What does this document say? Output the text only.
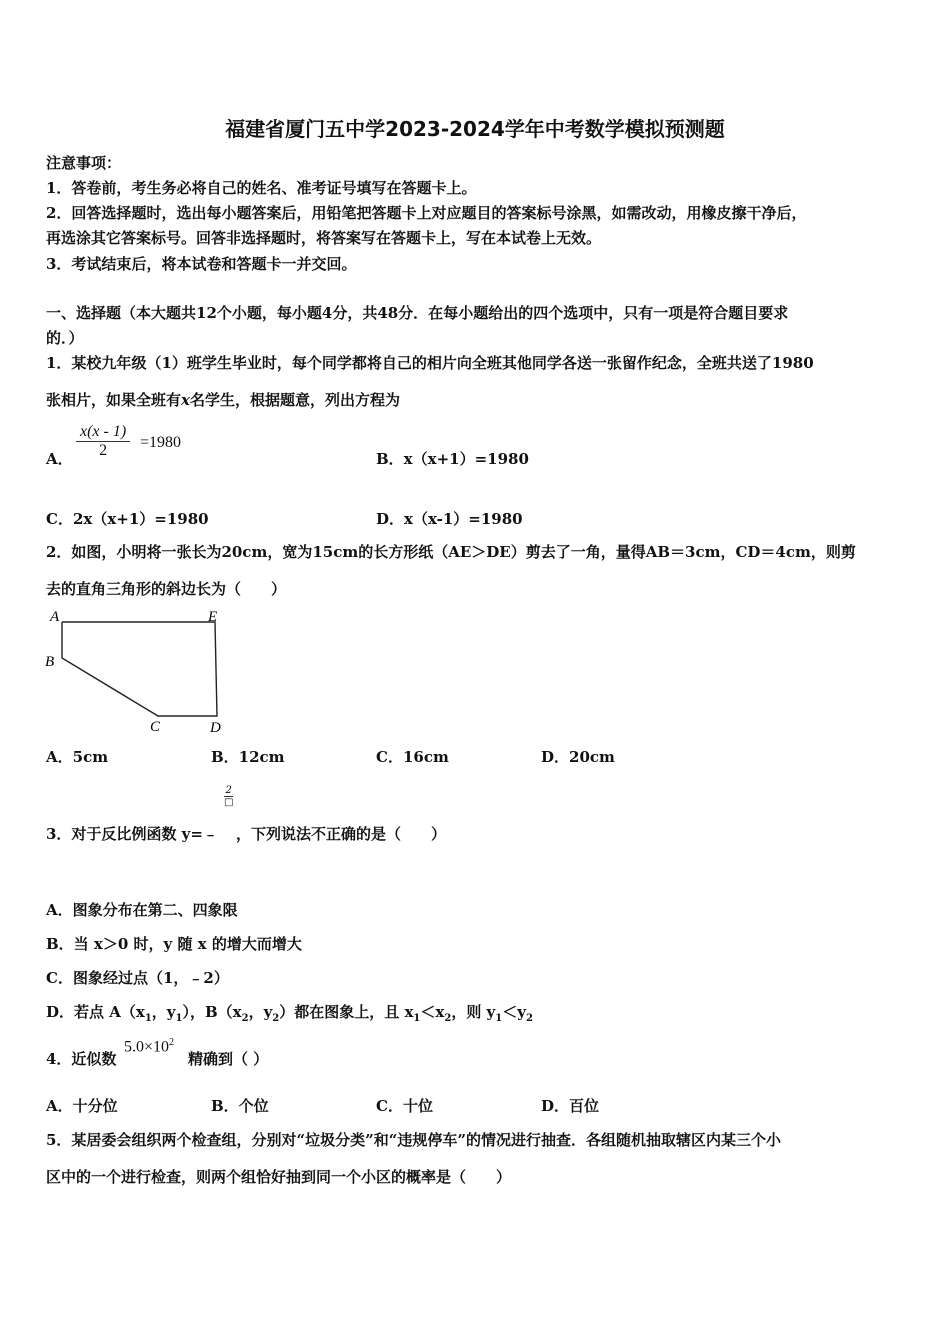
福建省厦门五中学2023-2024学年中考数学模拟预测题
注意事项：
1．答卷前，考生务必将自己的姓名、准考证号填写在答题卡上。
2．回答选择题时，选出每小题答案后，用铅笔把答题卡上对应题目的答案标号涂黑，如需改动，用橡皮擦干净后，
再选涂其它答案标号。回答非选择题时，将答案写在答题卡上，写在本试卷上无效。
3．考试结束后，将本试卷和答题卡一并交回。
一、选择题（本大题共12个小题，每小题4分，共48分．在每小题给出的四个选项中，只有一项是符合题目要求
的．）
1．某校九年级（1）班学生毕业时，每个同学都将自己的相片向全班其他同学各送一张留作纪念，全班共送了1980
张相片，如果全班有x名学生，根据题意，列出方程为
A． $\frac{x(x - 1)}{2} =1980$
B．x（x+1）=1980
C．2x（x+1）=1980	D．x（x-1）=1980
2．如图，小明将一张长为20cm，宽为15cm的长方形纸（AE＞DE）剪去了一角，量得AB＝3cm，CD＝4cm，则剪
去的直角三角形的斜边长为（　　）
A	E
B
C	D
A．5cm	B．12cm	C．16cm	D．20cm
2
□
3．对于反比例函数 y=﹣ ，下列说法不正确的是（　　）
A．图象分布在第二、四象限
B．当 x＞0 时，y 随 x 的增大而增大
C．图象经过点（1，﹣2）
D．若点 $A(x_1$，$y_1$），$B(x_2$，$y_2$）都在图象上，且 $x_1<x_2$，则 $y_1<y_2$
4．近似数
$5.0\times 10^2$
精确到（ ）
A．十分位	B．个位	C．十位	D．百位
5．某居委会组织两个检查组，分别对“垃圾分类”和“违规停车”的情况进行抽查．各组随机抽取辖区内某三个小
区中的一个进行检查，则两个组恰好抽到同一个小区的概率是（　　）
